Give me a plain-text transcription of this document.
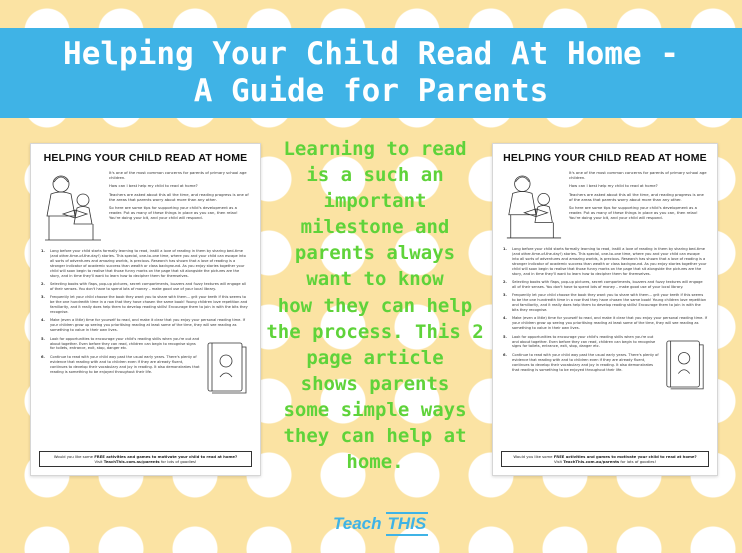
Helping Your Child Read At Home -
A Guide for Parents
HELPING YOUR CHILD READ AT HOME

It's one of the most common concerns for parents of primary school age children.

How can I best help my child to read at home?

Teachers are asked about this all the time, and reading progress is one of the areas that parents worry about more than any other.

So here are some tips for supporting your child's development as a reader. Put as many of these things in place as you can, then relax! You're doing your bit, and your child will respond.

1.	Long before your child starts formally learning to read, instill a love of reading in them by sharing bed-time (and other-time-of-the-day!) stories. This special, one-to-one time, where you and your child can escape into all sorts of adventures and amazing worlds, is precious. Research has shown that a love of reading is a stronger indicator of academic success than wealth or class background. As you enjoy stories together your child will soon begin to realise that those funny marks on the page that sit alongside the pictures are the story, and in time they'll want to learn how to decipher them for themselves.
2.	Selecting books with flaps, pop-up pictures, secret compartments, buzzers and fuzzy textures will engage all of their senses. You don't have to spend lots of money – make good use of your local library.
3.	Frequently let your child choose the book they want you to share with them… grit your teeth if this seems to be the one hundredth time in a row that they have chosen the same book! Young children love repetition and familiarity, and it really does help them to develop reading skills! Encourage them to join in with the bits they recognise.
4.	Make (even a little) time for yourself to read, and make it clear that you enjoy your personal reading time. If your children grow up seeing you prioritising reading at least some of the time, they will see reading as something to value in their own lives.
5.	Look for opportunities to encourage your child's reading skills when you're out and about together. Even before they can read, children can begin to recognise signs for toilets, entrance, exit, stop, danger etc.
6.	Continue to read with your child way past the usual early years. There's plenty of evidence that reading with and to children even if they are already fluent, continues to develop their vocabulary and joy in reading. It also demonstrates that reading is something to be enjoyed throughout their life.
Would you like some FREE activities and games to motivate your child to read at home?
Visit TeachThis.com.au/parents for lots of goodies!
Learning to read
is a such an
important
milestone and
parents always
want to know
how they can help
the process. This 2
page article
shows parents
some simple ways
they can help at
home.
HELPING YOUR CHILD READ AT HOME

It's one of the most common concerns for parents of primary school age children.

How can I best help my child to read at home?

Teachers are asked about this all the time, and reading progress is one of the areas that parents worry about more than any other.

So here are some tips for supporting your child's development as a reader. Put as many of these things in place as you can, then relax! You're doing your bit, and your child will respond.

1.	Long before your child starts formally learning to read, instill a love of reading in them by sharing bed-time (and other-time-of-the-day!) stories. This special, one-to-one time, where you and your child can escape into all sorts of adventures and amazing worlds, is precious. Research has shown that a love of reading is a stronger indicator of academic success than wealth or class background. As you enjoy stories together your child will soon begin to realise that those funny marks on the page that sit alongside the pictures are the story, and in time they'll want to learn how to decipher them for themselves.
2.	Selecting books with flaps, pop-up pictures, secret compartments, buzzers and fuzzy textures will engage all of their senses. You don't have to spend lots of money – make good use of your local library.
3.	Frequently let your child choose the book they want you to share with them… grit your teeth if this seems to be the one hundredth time in a row that they have chosen the same book! Young children love repetition and familiarity, and it really does help them to develop reading skills! Encourage them to join in with the bits they recognise.
4.	Make (even a little) time for yourself to read, and make it clear that you enjoy your personal reading time. If your children grow up seeing you prioritising reading at least some of the time, they will see reading as something to value in their own lives.
5.	Look for opportunities to encourage your child's reading skills when you're out and about together. Even before they can read, children can begin to recognise signs for toilets, entrance, exit, stop, danger etc.
6.	Continue to read with your child way past the usual early years. There's plenty of evidence that reading with and to children even if they are already fluent, continues to develop their vocabulary and joy in reading. It also demonstrates that reading is something to be enjoyed throughout their life.
Would you like some FREE activities and games to motivate your child to read at home?
Visit TeachThis.com.au/parents for lots of goodies!
Teach THIS
